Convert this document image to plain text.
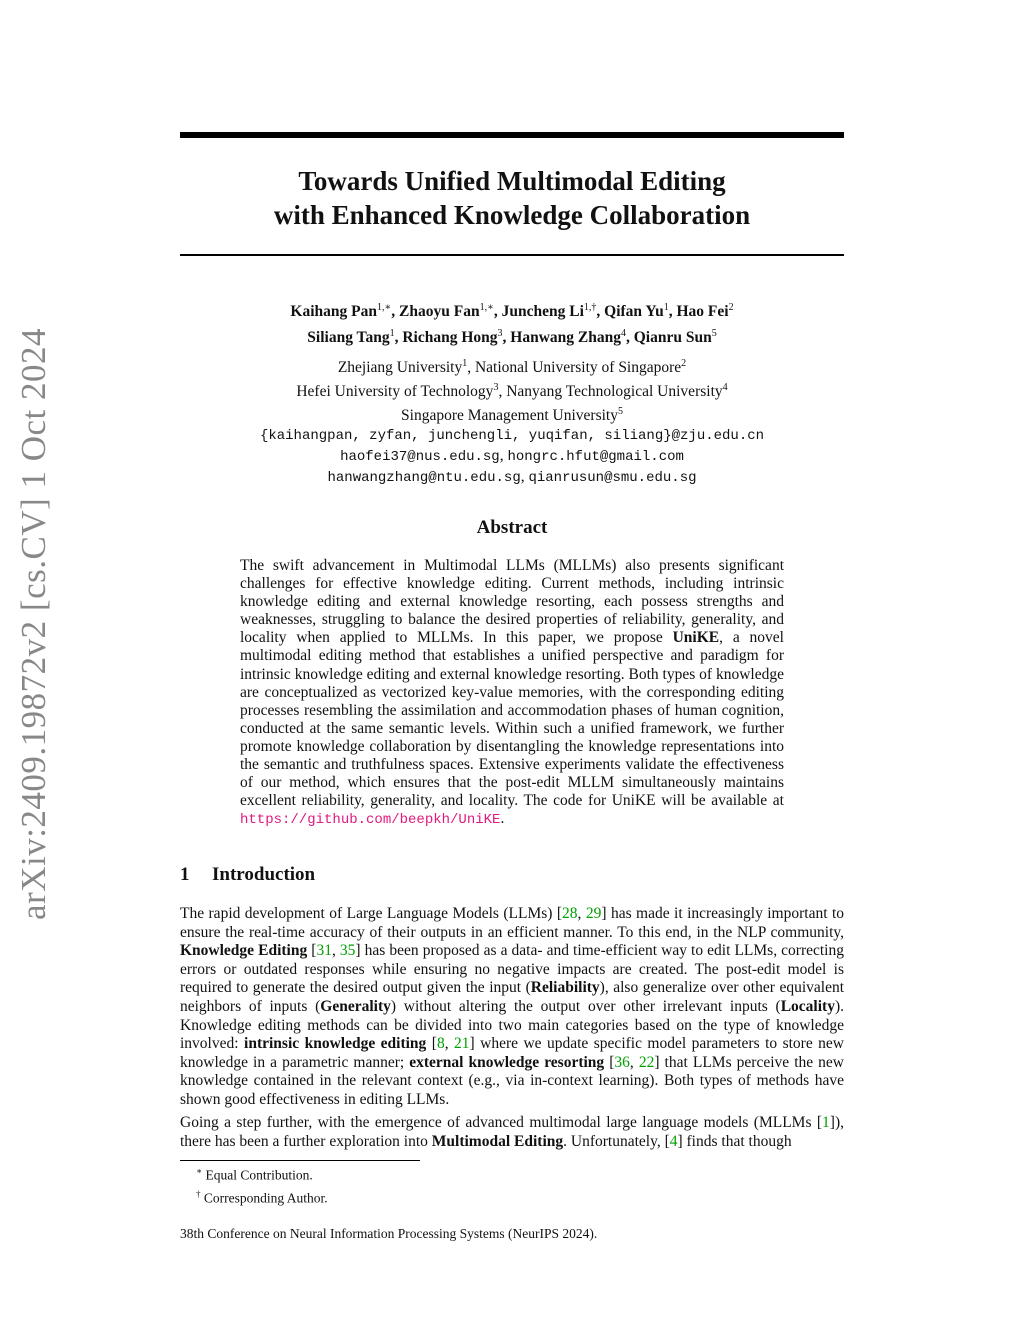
arXiv:2409.19872v2 [cs.CV] 1 Oct 2024
Towards Unified Multimodal Editing
with Enhanced Knowledge Collaboration
Kaihang Pan$^{1,∗}$, Zhaoyu Fan$^{1,∗}$, Juncheng $Li^{1,\dagger}$, Qifan Yu$^1$, Hao Fei$^2$
Siliang Tang$^1$, Richang Hong$^3$, Hanwang Zhang$^4$, Qianru Sun$^5$
Zhejiang University$^1$, National University of Singapore$^2$
Hefei University of Technology$^3$, Nanyang Technological University$^4$
Singapore Management University$^5$
{kaihangpan, zyfan, junchengli, yuqifan, siliang}@zju.edu.cn
haofei37@nus.edu.sg, hongrc.hfut@gmail.com
hanwangzhang@ntu.edu.sg, qianrusun@smu.edu.sg
Abstract
The swift advancement in Multimodal LLMs (MLLMs) also presents significant challenges for effective knowledge editing. Current methods, including intrinsic knowledge editing and external knowledge resorting, each possess strengths and weaknesses, struggling to balance the desired properties of reliability, generality, and locality when applied to MLLMs. In this paper, we propose UniKE, a novel multimodal editing method that establishes a unified perspective and paradigm for intrinsic knowledge editing and external knowledge resorting. Both types of knowledge are conceptualized as vectorized key-value memories, with the corresponding editing processes resembling the assimilation and accommodation phases of human cognition, conducted at the same semantic levels. Within such a unified framework, we further promote knowledge collaboration by disentangling the knowledge representations into the semantic and truthfulness spaces. Extensive experiments validate the effectiveness of our method, which ensures that the post-edit MLLM simultaneously maintains excellent reliability, generality, and locality. The code for UniKE will be available at https://github.com/beepkh/UniKE.
1 Introduction
The rapid development of Large Language Models (LLMs) [28, 29] has made it increasingly important to ensure the real-time accuracy of their outputs in an efficient manner. To this end, in the NLP community, Knowledge Editing [31, 35] has been proposed as a data- and time-efficient way to edit LLMs, correcting errors or outdated responses while ensuring no negative impacts are created. The post-edit model is required to generate the desired output given the input (Reliability), also generalize over other equivalent neighbors of inputs (Generality) without altering the output over other irrelevant inputs (Locality). Knowledge editing methods can be divided into two main categories based on the type of knowledge involved: intrinsic knowledge editing [8, 21] where we update specific model parameters to store new knowledge in a parametric manner; external knowledge resorting [36, 22] that LLMs perceive the new knowledge contained in the relevant context (e.g., via in-context learning). Both types of methods have shown good effectiveness in editing LLMs.
Going a step further, with the emergence of advanced multimodal large language models (MLLMs [1]), there has been a further exploration into Multimodal Editing. Unfortunately, [4] finds that though
∗ Equal Contribution.
† Corresponding Author.
38th Conference on Neural Information Processing Systems (NeurIPS 2024).
